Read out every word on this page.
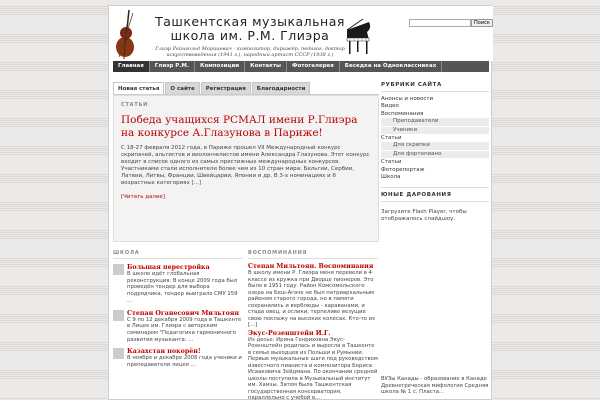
Ташкентская музыкальная
школа им. Р.М. Глиэра
Глиэр Рейнгольд Морицевич - композитор, дирижёр, педагог, доктор
искусствоведения (1941 г.), народный артист СССР (1938 г.)
Поиск
Главная	Глиэр Р.М.	Композиции	Контакты	Фотогалерея	Беседка на Одноклассниках
Новая статья	О сайте	Регистрация	Благодарности
СТАТЬИ
Победа учащихся РСМАЛ имени Р.Глиэра на конкурсе А.Глазунова в Париже!
С 18-27 февраля 2012 года, в Париже прошел VII Международный конкурс скрипачей, альтистов и виолончелистов имени Александра Глазунова. Этот конкурс входит в список одного из самых престижных международных конкурсов. Участниками стали исполнители более чем из 10 стран мира: Бельгии, Сербии, Латвии, Литвы, Франции, Швейцарии, Японии и др. В 3-х номинациях и 6 возрастных категориях [...]
[Читать далее]
РУБРИКИ САЙТА
Анонсы и новости
Видео
Воспоминания
Преподаватели
Ученики
Статьи
Для скрипки
Для фортепиано
Статьи
Фоторепортаж
Школа
ЮНЫЕ ДАРОВАНИЯ
Загрузите Flash Player, чтобы отображалось слайдшоу.
ВУЗы Канады - образование в Канаде Древнегреческая мифология Средняя школа № 1 с. Пласта...
ШКОЛА
Большая перестройка
В школе идёт глобальная реконструкция. В конце 2009 года был проведён тендер для выбора подрядчика, тендер выиграло СМУ 159 ...
Степан Оганесович Мильтоян
С 9 по 12 декабря 2009 года в Ташкенте в Лицее им. Глиэра с авторским семинаром "Педагогика гармоничного развития музыканта: ...
Казахстан покорён!
В ноябре и декабре 2008 года ученики и преподаватели лицея ...
ВОСПОМИНАНИЯ
Степан Мильтоян. Воспоминания
В школу имени Р. Глиэра меня перевели в 4 классе из кружка при Дворце пионеров. Это было в 1951 году. Район Комсомольского озера на Беш-Агаче не был патриархальным районом старого города, но в памяти сохранились и верблюды - караванами, и стада овец, и ослики, терпеливо везущие свою поклажу на высоких колесах. Кто-то из [...]
Экус-Розенштейн И.Г.
Из досье: Ирина Генриховна Экус-Розенштейн родилась и выросла в Ташкенте в семье выходцев из Польши и Румынии. Первые музыкальные шаги под руководством известного пианиста и композитора Бориса Исааковича Зейдмана. По окончании средней школы поступила в Музыкальный институт им. Хамзы. Затем была Ташкентская государственная консерватория, параллельно с учебой в...
